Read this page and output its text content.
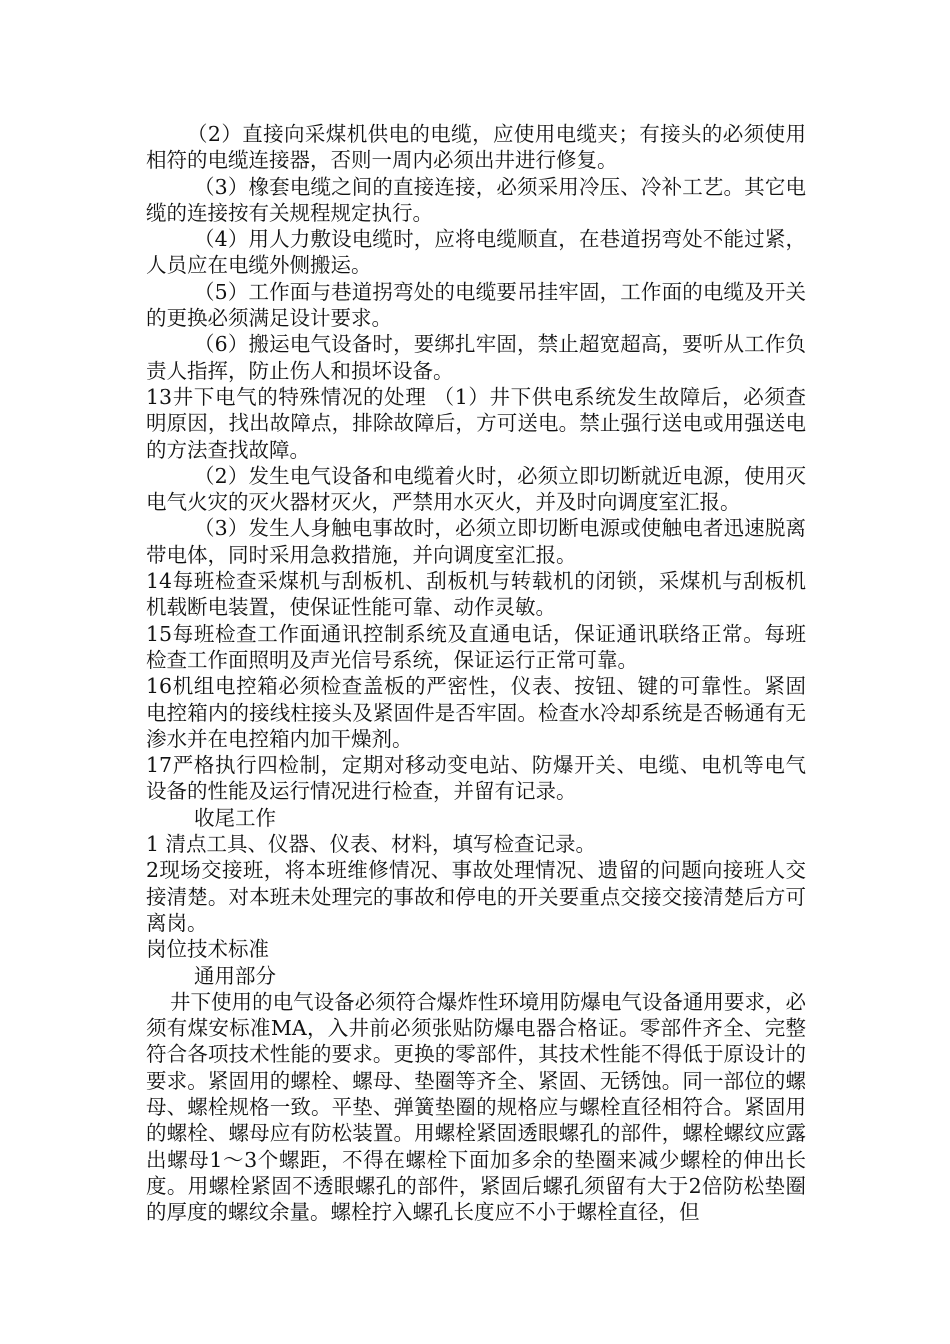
（2）直接向采煤机供电的电缆，应使用电缆夹；有接头的必须使用相符的电缆连接器，否则一周内必须出井进行修复。

（3）橡套电缆之间的直接连接，必须采用冷压、冷补工艺。其它电缆的连接按有关规程规定执行。

（4）用人力敷设电缆时，应将电缆顺直，在巷道拐弯处不能过紧，人员应在电缆外侧搬运。

（5）工作面与巷道拐弯处的电缆要吊挂牢固，工作面的电缆及开关的更换必须满足设计要求。

（6）搬运电气设备时，要绑扎牢固，禁止超宽超高，要听从工作负责人指挥，防止伤人和损坏设备。

13井下电气的特殊情况的处理 （1）井下供电系统发生故障后，必须查明原因，找出故障点，排除故障后，方可送电。禁止强行送电或用强送电的方法查找故障。

（2）发生电气设备和电缆着火时，必须立即切断就近电源，使用灭电气火灾的灭火器材灭火，严禁用水灭火，并及时向调度室汇报。

（3）发生人身触电事故时，必须立即切断电源或使触电者迅速脱离带电体，同时采用急救措施，并向调度室汇报。

14每班检查采煤机与刮板机、刮板机与转载机的闭锁，采煤机与刮板机机载断电装置，使保证性能可靠、动作灵敏。

15每班检查工作面通讯控制系统及直通电话，保证通讯联络正常。每班检查工作面照明及声光信号系统，保证运行正常可靠。

16机组电控箱必须检查盖板的严密性，仪表、按钮、键的可靠性。紧固电控箱内的接线柱接头及紧固件是否牢固。检查水冷却系统是否畅通有无渗水并在电控箱内加干燥剂。

17严格执行四检制，定期对移动变电站、防爆开关、电缆、电机等电气设备的性能及运行情况进行检查，并留有记录。

收尾工作

1 清点工具、仪器、仪表、材料，填写检查记录。

2现场交接班，将本班维修情况、事故处理情况、遗留的问题向接班人交接清楚。对本班未处理完的事故和停电的开关要重点交接交接清楚后方可离岗。

岗位技术标准

通用部分

井下使用的电气设备必须符合爆炸性环境用防爆电气设备通用要求，必须有煤安标准MA，入井前必须张贴防爆电器合格证。零部件齐全、完整符合各项技术性能的要求。更换的零部件，其技术性能不得低于原设计的要求。紧固用的螺栓、螺母、垫圈等齐全、紧固、无锈蚀。同一部位的螺母、螺栓规格一致。平垫、弹簧垫圈的规格应与螺栓直径相符合。紧固用的螺栓、螺母应有防松装置。用螺栓紧固透眼螺孔的部件，螺栓螺纹应露出螺母1～3个螺距，不得在螺栓下面加多余的垫圈来减少螺栓的伸出长度。用螺栓紧固不透眼螺孔的部件，紧固后螺孔须留有大于2倍防松垫圈的厚度的螺纹余量。螺栓拧入螺孔长度应不小于螺栓直径，但
